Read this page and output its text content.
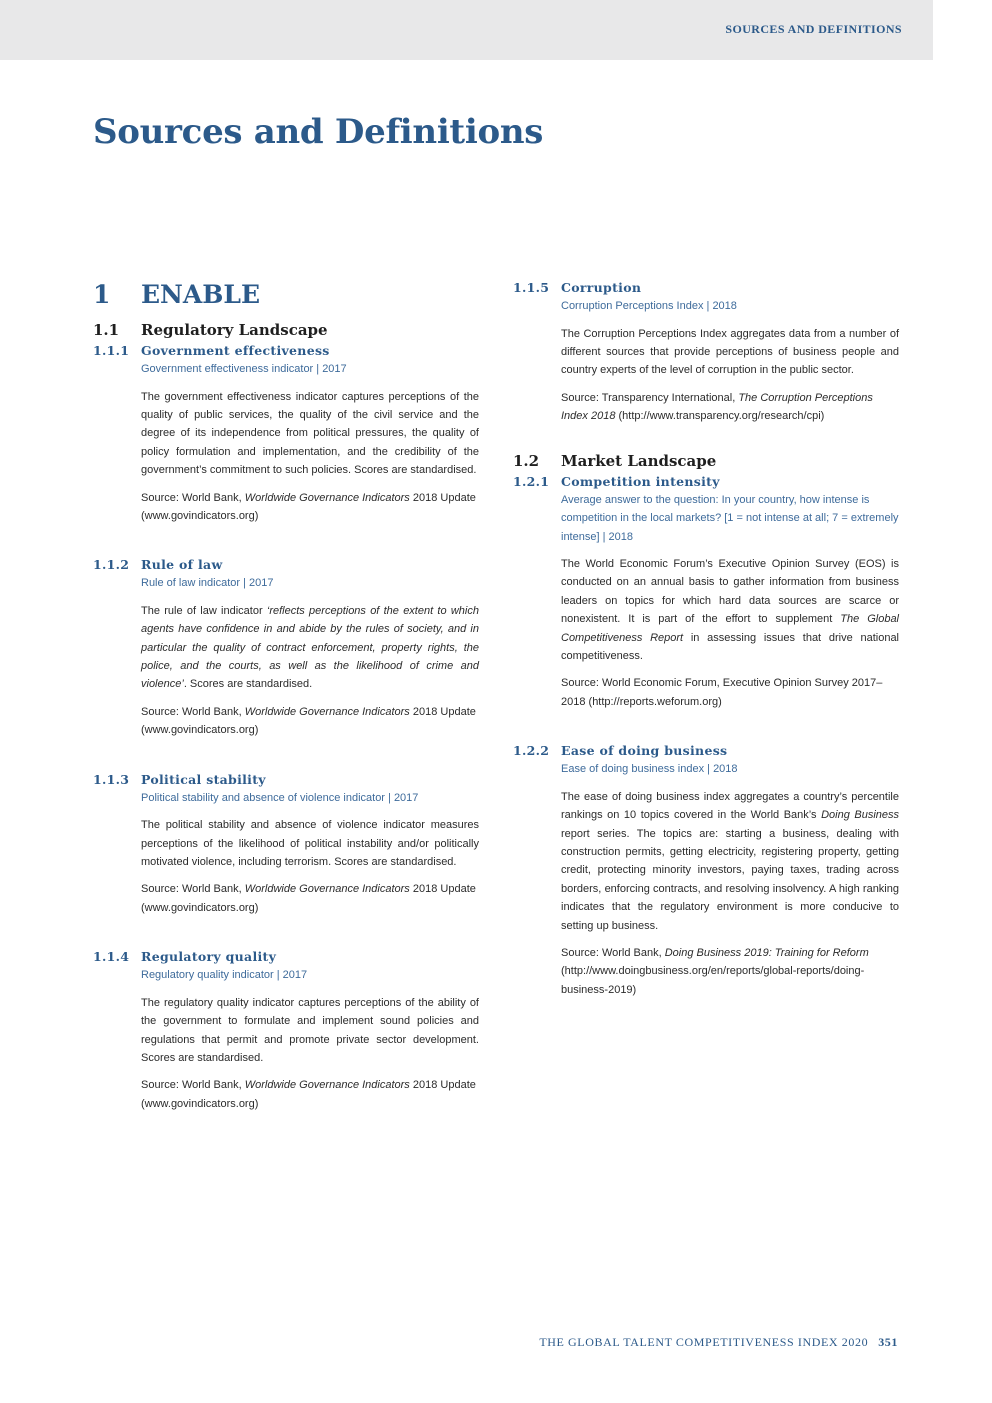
SOURCES AND DEFINITIONS
Sources and Definitions
1	ENABLE
1.1	Regulatory Landscape
1.1.1 Government effectiveness
Government effectiveness indicator | 2017

The government effectiveness indicator captures perceptions of the quality of public services, the quality of the civil service and the degree of its independence from political pressures, the quality of policy formulation and implementation, and the credibility of the government’s commitment to such policies. Scores are standardised.

Source: World Bank, Worldwide Governance Indicators 2018 Update (www.govindicators.org)

1.1.2 Rule of law
Rule of law indicator | 2017

The rule of law indicator ‘reflects perceptions of the extent to which agents have confidence in and abide by the rules of society, and in particular the quality of contract enforcement, property rights, the police, and the courts, as well as the likelihood of crime and violence’. Scores are standardised.

Source: World Bank, Worldwide Governance Indicators 2018 Update (www.govindicators.org)

1.1.3 Political stability
Political stability and absence of violence indicator | 2017

The political stability and absence of violence indicator measures perceptions of the likelihood of political instability and/or politically motivated violence, including terrorism. Scores are standardised.

Source: World Bank, Worldwide Governance Indicators 2018 Update (www.govindicators.org)

1.1.4 Regulatory quality
Regulatory quality indicator | 2017

The regulatory quality indicator captures perceptions of the ability of the government to formulate and implement sound policies and regulations that permit and promote private sector development. Scores are standardised.

Source: World Bank, Worldwide Governance Indicators 2018 Update (www.govindicators.org)

1.1.5 Corruption
Corruption Perceptions Index | 2018

The Corruption Perceptions Index aggregates data from a number of different sources that provide perceptions of business people and country experts of the level of corruption in the public sector.

Source: Transparency International, The Corruption Perceptions Index 2018 (http://www.transparency.org/research/cpi)

1.2	Market Landscape
1.2.1 Competition intensity
Average answer to the question: In your country, how intense is competition in the local markets? [1 = not intense at all; 7 = extremely intense] | 2018

The World Economic Forum’s Executive Opinion Survey (EOS) is conducted on an annual basis to gather information from business leaders on topics for which hard data sources are scarce or nonexistent. It is part of the effort to supplement The Global Competitiveness Report in assessing issues that drive national competitiveness.

Source: World Economic Forum, Executive Opinion Survey 2017–2018 (http://reports.weforum.org)

1.2.2 Ease of doing business
Ease of doing business index | 2018

The ease of doing business index aggregates a country’s percentile rankings on 10 topics covered in the World Bank’s Doing Business report series. The topics are: starting a business, dealing with construction permits, getting electricity, registering property, getting credit, protecting minority investors, paying taxes, trading across borders, enforcing contracts, and resolving insolvency. A high ranking indicates that the regulatory environment is more conducive to setting up business.

Source: World Bank, Doing Business 2019: Training for Reform
(http://www.doingbusiness.org/en/reports/global-reports/doing-business-2019)

THE GLOBAL TALENT COMPETITIVENESS INDEX 2020 351
